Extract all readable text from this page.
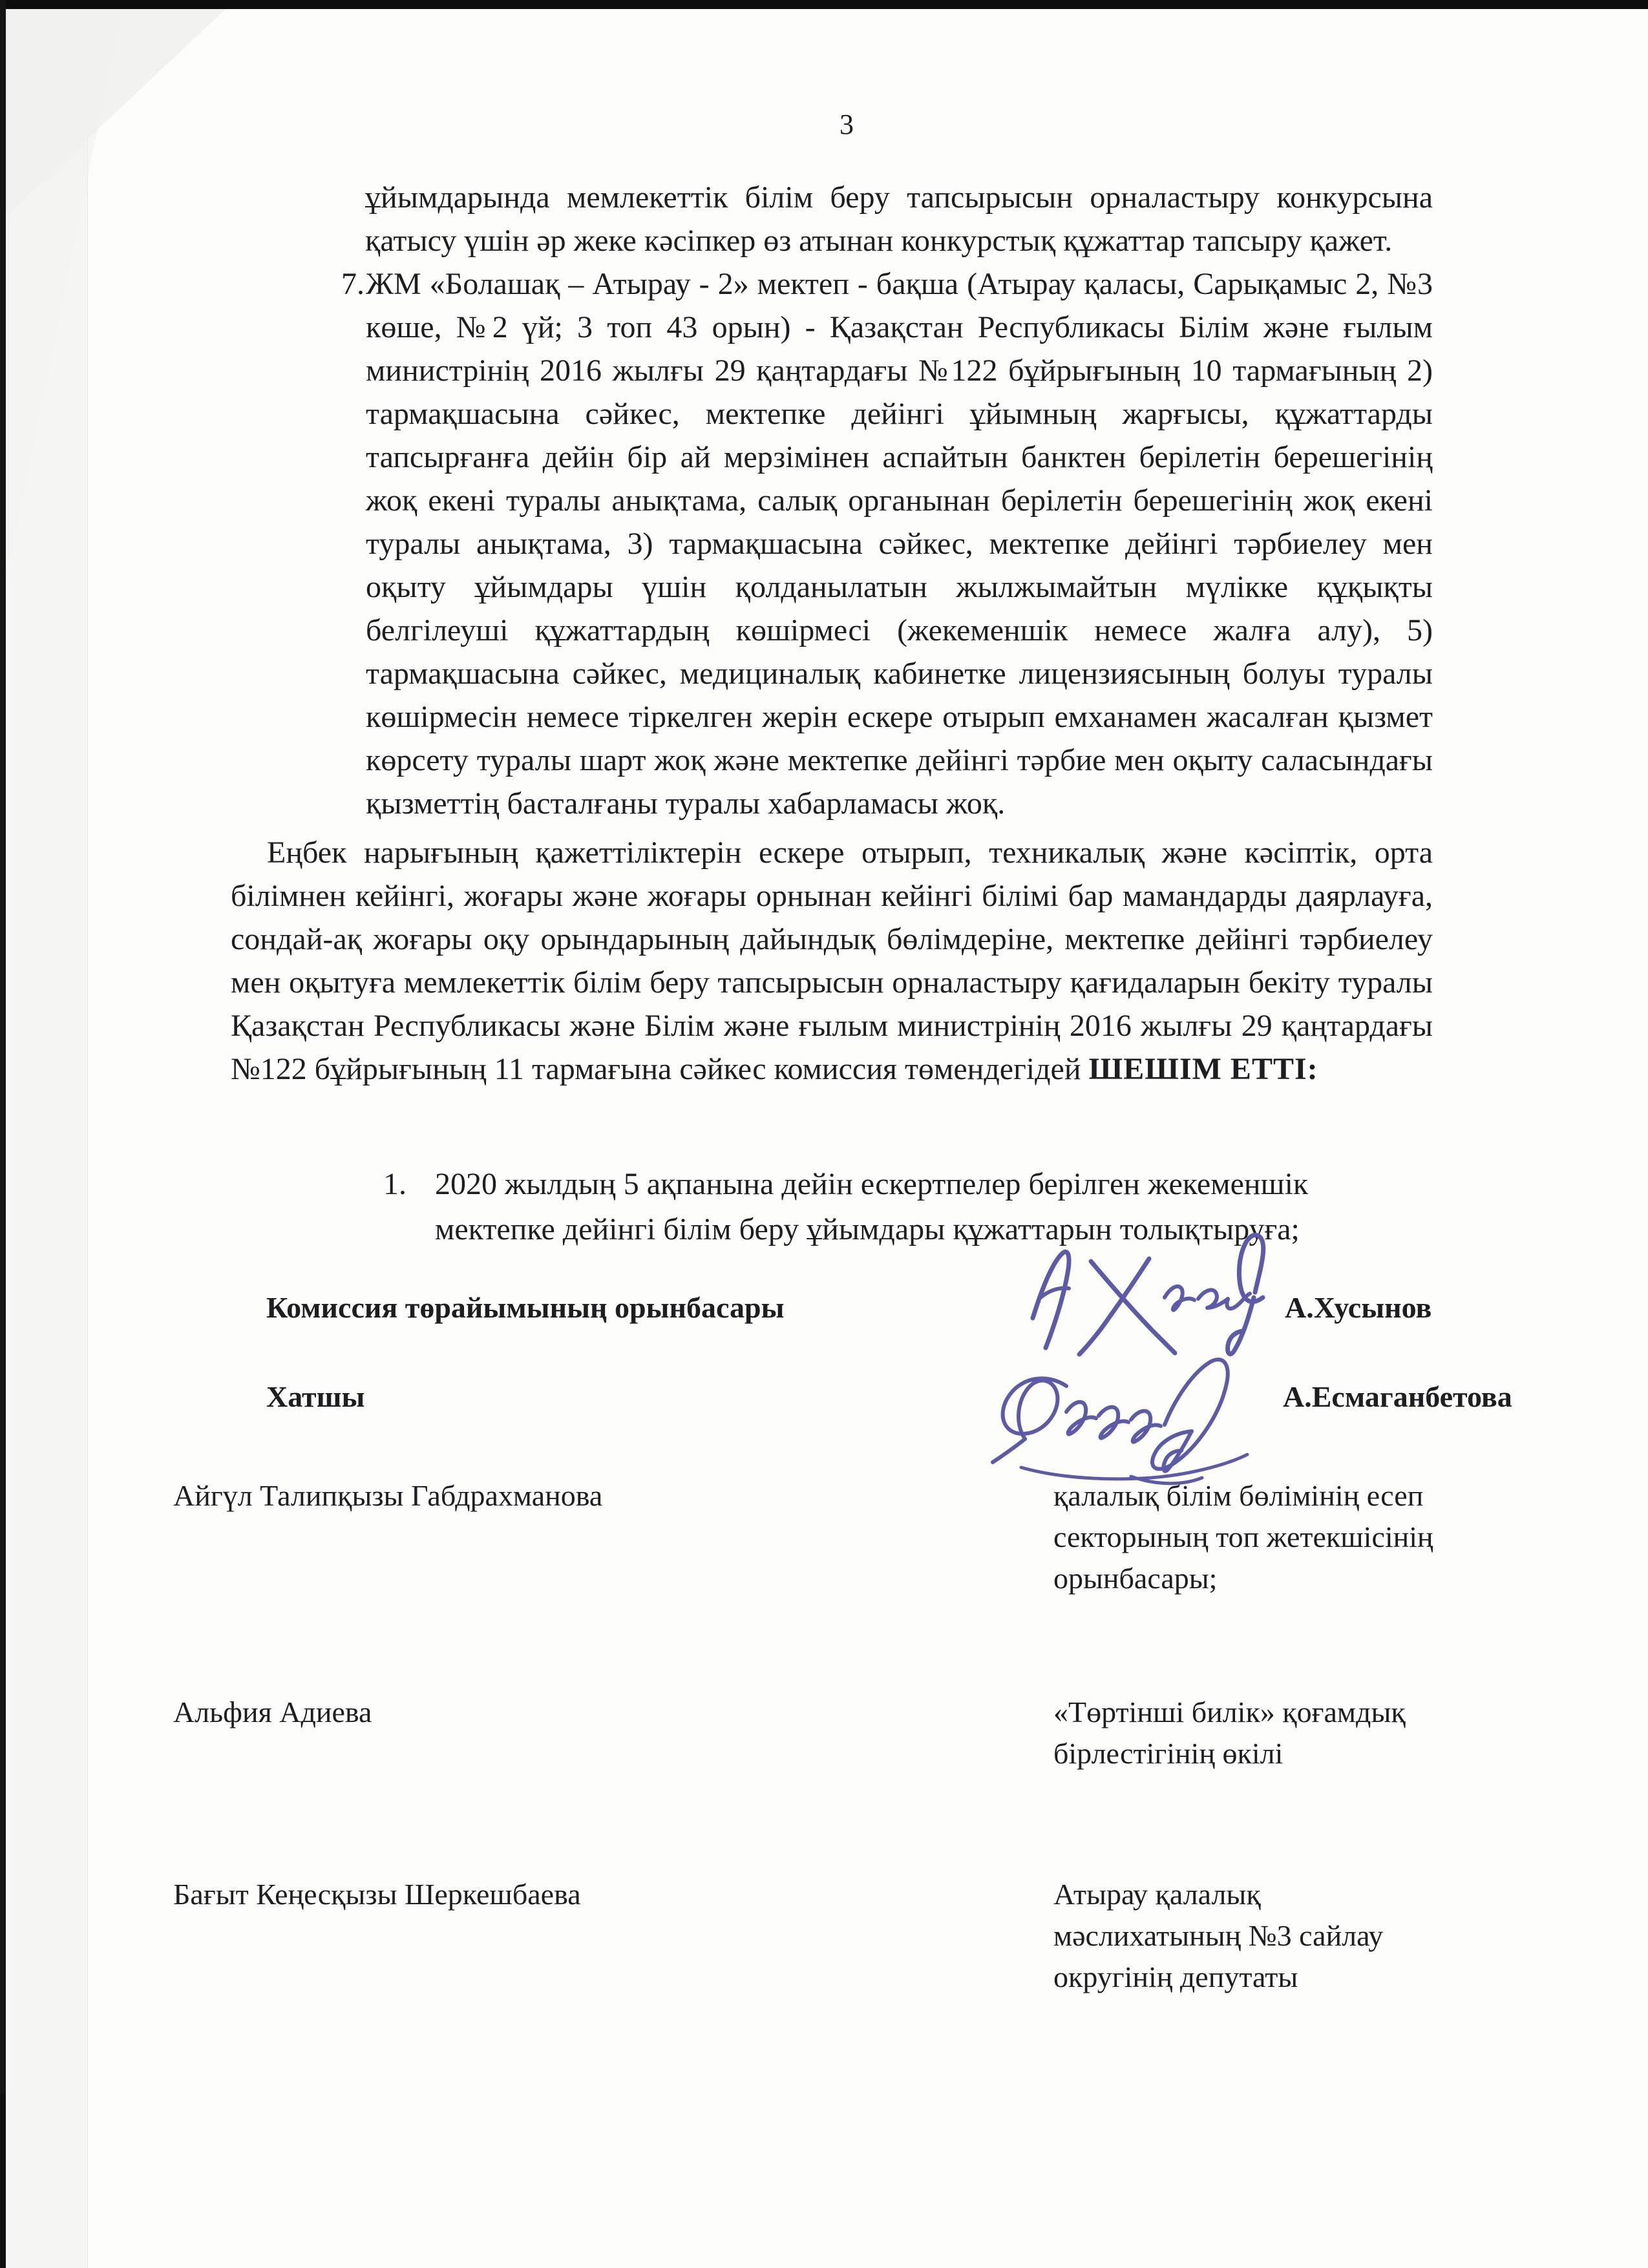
3
ұйымдарында мемлекеттік білім беру тапсырысын орналастыру конкурсына қатысу үшін әр жеке кәсіпкер өз атынан конкурстық құжаттар тапсыру қажет.
7. ЖМ «Болашақ – Атырау - 2» мектеп - бақша (Атырау қаласы, Сарықамыс 2, №3 көше, №2 үй; 3 топ 43 орын) - Қазақстан Республикасы Білім және ғылым министрінің 2016 жылғы 29 қаңтардағы №122 бұйрығының 10 тармағының 2) тармақшасына сәйкес, мектепке дейінгі ұйымның жарғысы, құжаттарды тапсырғанға дейін бір ай мерзімінен аспайтын банктен берілетін берешегінің жоқ екені туралы анықтама, салық органынан берілетін берешегінің жоқ екені туралы анықтама, 3) тармақшасына сәйкес, мектепке дейінгі тәрбиелеу мен оқыту ұйымдары үшін қолданылатын жылжымайтын мүлікке құқықты белгілеуші құжаттардың көшірмесі (жекеменшік немесе жалға алу), 5) тармақшасына сәйкес, медициналық кабинетке лицензиясының болуы туралы көшірмесін немесе тіркелген жерін ескере отырып емханамен жасалған қызмет көрсету туралы шарт жоқ және мектепке дейінгі тәрбие мен оқыту саласындағы қызметтің басталғаны туралы хабарламасы жоқ.
Еңбек нарығының қажеттіліктерін ескере отырып, техникалық және кәсіптік, орта білімнен кейінгі, жоғары және жоғары орнынан кейінгі білімі бар мамандарды даярлауға, сондай-ақ жоғары оқу орындарының дайындық бөлімдеріне, мектепке дейінгі тәрбиелеу мен оқытуға мемлекеттік білім беру тапсырысын орналастыру қағидаларын бекіту туралы Қазақстан Республикасы және Білім және ғылым министрінің 2016 жылғы 29 қаңтардағы №122 бұйрығының 11 тармағына сәйкес комиссия төмендегідей ШЕШІМ ЕТТІ:
1. 2020 жылдың 5 ақпанына дейін ескертпелер берілген жекеменшік мектепке дейінгі білім беру ұйымдары құжаттарын толықтыруға;
Комиссия төрайымының орынбасары	А.Хусынов
Хатшы	А.Есмаганбетова
Айгүл Талипқызы Габдрахманова	қалалық білім бөлімінің есеп
секторының топ жетекшісінің
орынбасары;
Альфия Адиева	«Төртінші билік» қоғамдық
бірлестігінің өкілі
Бағыт Кеңесқызы Шеркешбаева	Атырау қалалық
мәслихатының №3 сайлау
округінің депутаты
